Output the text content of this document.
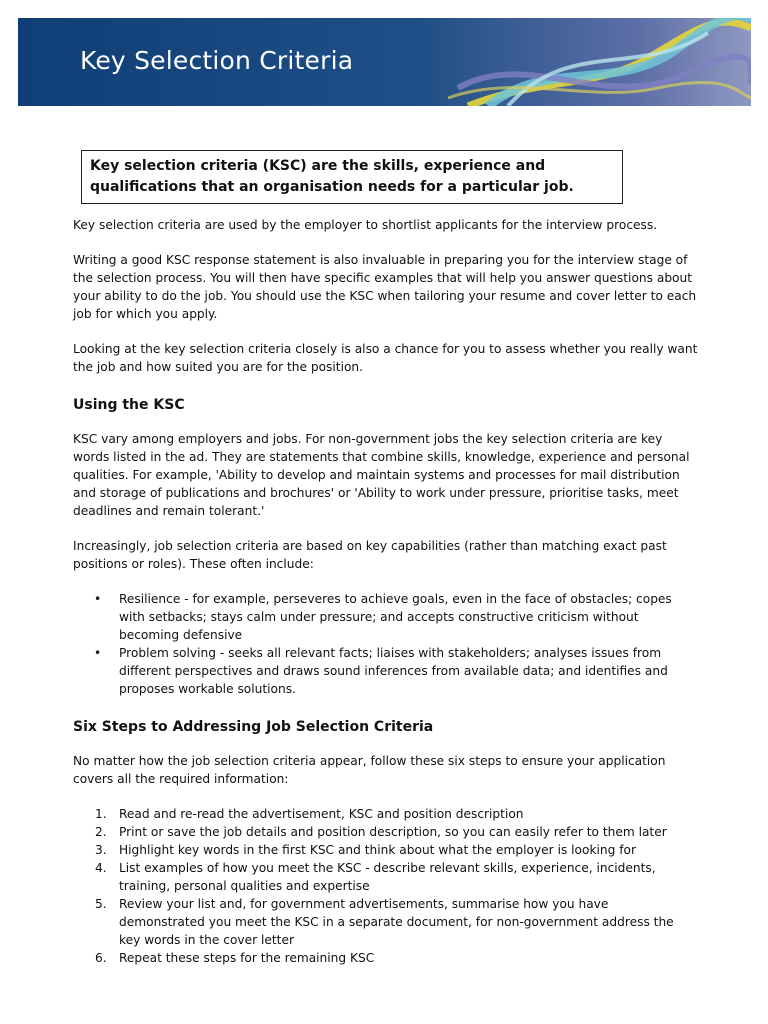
Key Selection Criteria
Key selection criteria (KSC) are the skills, experience and qualifications that an organisation needs for a particular job.

Key selection criteria are used by the employer to shortlist applicants for the interview process.

Writing a good KSC response statement is also invaluable in preparing you for the interview stage of the selection process. You will then have specific examples that will help you answer questions about your ability to do the job. You should use the KSC when tailoring your resume and cover letter to each job for which you apply.

Looking at the key selection criteria closely is also a chance for you to assess whether you really want the job and how suited you are for the position.

Using the KSC

KSC vary among employers and jobs. For non-government jobs the key selection criteria are key words listed in the ad. They are statements that combine skills, knowledge, experience and personal qualities. For example, 'Ability to develop and maintain systems and processes for mail distribution and storage of publications and brochures' or 'Ability to work under pressure, prioritise tasks, meet deadlines and remain tolerant.'

Increasingly, job selection criteria are based on key capabilities (rather than matching exact past positions or roles). These often include:

• Resilience - for example, perseveres to achieve goals, even in the face of obstacles; copes with setbacks; stays calm under pressure; and accepts constructive criticism without becoming defensive
• Problem solving - seeks all relevant facts; liaises with stakeholders; analyses issues from different perspectives and draws sound inferences from available data; and identifies and proposes workable solutions.
Six Steps to Addressing Job Selection Criteria

No matter how the job selection criteria appear, follow these six steps to ensure your application covers all the required information:

1. Read and re-read the advertisement, KSC and position description
2. Print or save the job details and position description, so you can easily refer to them later
3. Highlight key words in the first KSC and think about what the employer is looking for
4. List examples of how you meet the KSC - describe relevant skills, experience, incidents, training, personal qualities and expertise
5. Review your list and, for government advertisements, summarise how you have demonstrated you meet the KSC in a separate document, for non-government address the key words in the cover letter
6. Repeat these steps for the remaining KSC
